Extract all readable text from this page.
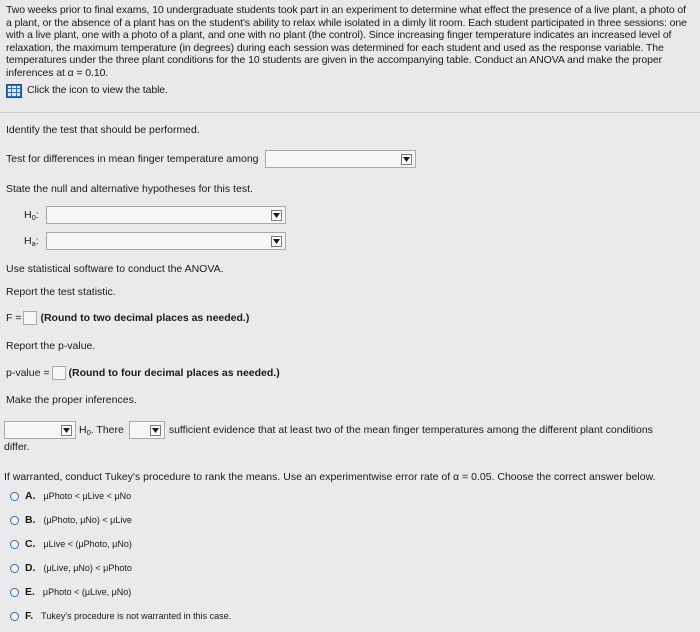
Two weeks prior to final exams, 10 undergraduate students took part in an experiment to determine what effect the presence of a live plant, a photo of a plant, or the absence of a plant has on the student's ability to relax while isolated in a dimly lit room. Each student participated in three sessions: one with a live plant, one with a photo of a plant, and one with no plant (the control). Since increasing finger temperature indicates an increased level of relaxation, the maximum temperature (in degrees) during each session was determined for each student and used as the response variable. The temperatures under the three plant conditions for the 10 students are given in the accompanying table. Conduct an ANOVA and make the proper inferences at α = 0.10.

Click the icon to view the table.
Identify the test that should be performed.
Test for differences in mean finger temperature among
State the null and alternative hypotheses for this test.
$H_0$:
$H_a$:
Use statistical software to conduct the ANOVA.
Report the test statistic.
F = (Round to two decimal places as needed.)
Report the p-value.
p-value = (Round to four decimal places as needed.)
Make the proper inferences.
$H_0$. There	sufficient evidence that at least two of the mean finger temperatures among the different plant conditions
differ.
If warranted, conduct Tukey's procedure to rank the means. Use an experimentwise error rate of α = 0.05. Choose the correct answer below.
A. μPhoto < μLive < μNo
B. (μPhoto, μNo) < μLive
C. μLive < (μPhoto, μNo)
D. (μLive, μNo) < μPhoto
E. μPhoto < (μLive, μNo)
F. Tukey's procedure is not warranted in this case.
